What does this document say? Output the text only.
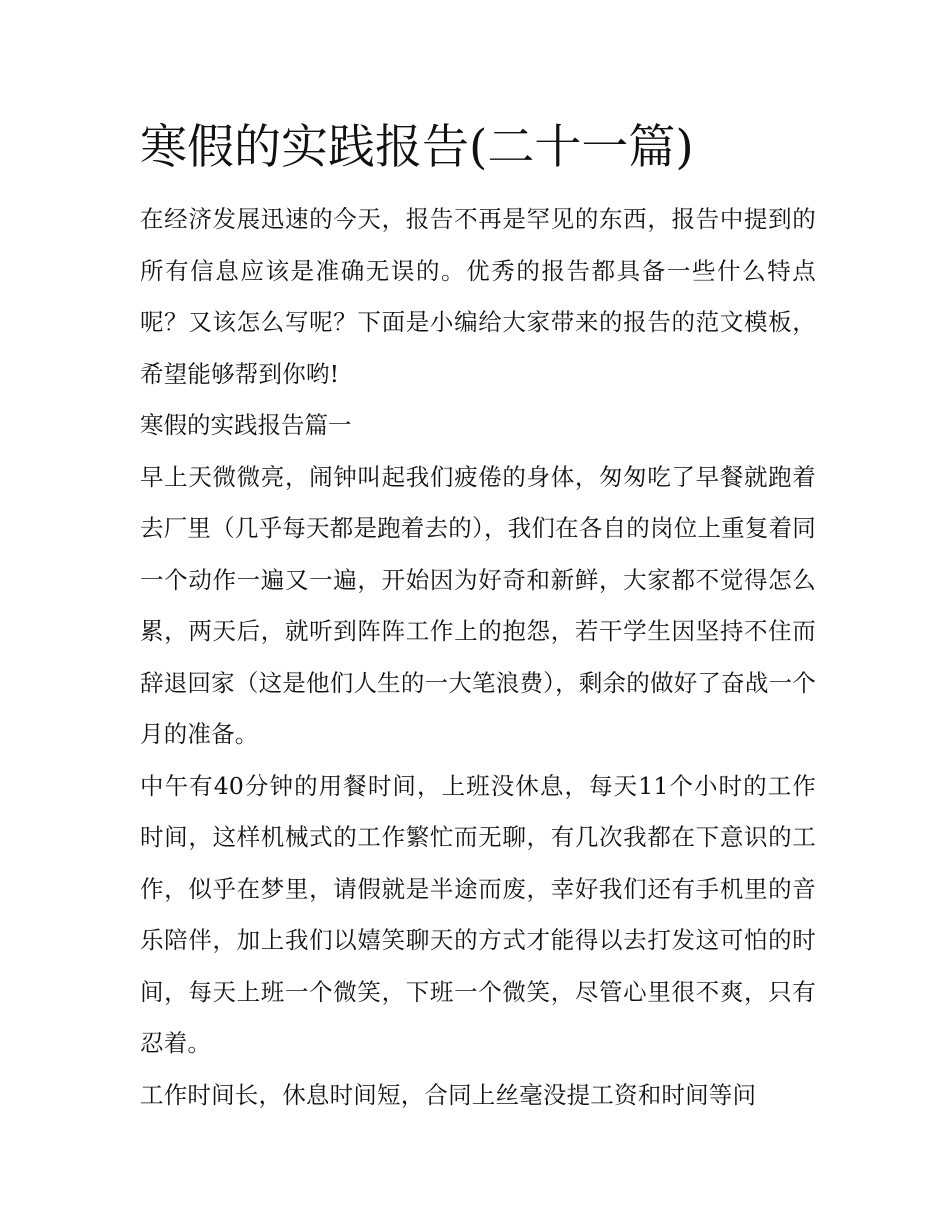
寒假的实践报告(二十一篇)

在经济发展迅速的今天，报告不再是罕见的东西，报告中提到的所有信息应该是准确无误的。优秀的报告都具备一些什么特点呢？又该怎么写呢？下面是小编给大家带来的报告的范文模板，希望能够帮到你哟!

寒假的实践报告篇一

早上天微微亮，闹钟叫起我们疲倦的身体，匆匆吃了早餐就跑着去厂里（几乎每天都是跑着去的），我们在各自的岗位上重复着同一个动作一遍又一遍，开始因为好奇和新鲜，大家都不觉得怎么累，两天后，就听到阵阵工作上的抱怨，若干学生因坚持不住而辞退回家（这是他们人生的一大笔浪费），剩余的做好了奋战一个月的准备。

中午有40分钟的用餐时间，上班没休息，每天11个小时的工作时间，这样机械式的工作繁忙而无聊，有几次我都在下意识的工作，似乎在梦里，请假就是半途而废，幸好我们还有手机里的音乐陪伴，加上我们以嬉笑聊天的方式才能得以去打发这可怕的时间，每天上班一个微笑，下班一个微笑，尽管心里很不爽，只有忍着。

工作时间长，休息时间短，合同上丝毫没提工资和时间等问
